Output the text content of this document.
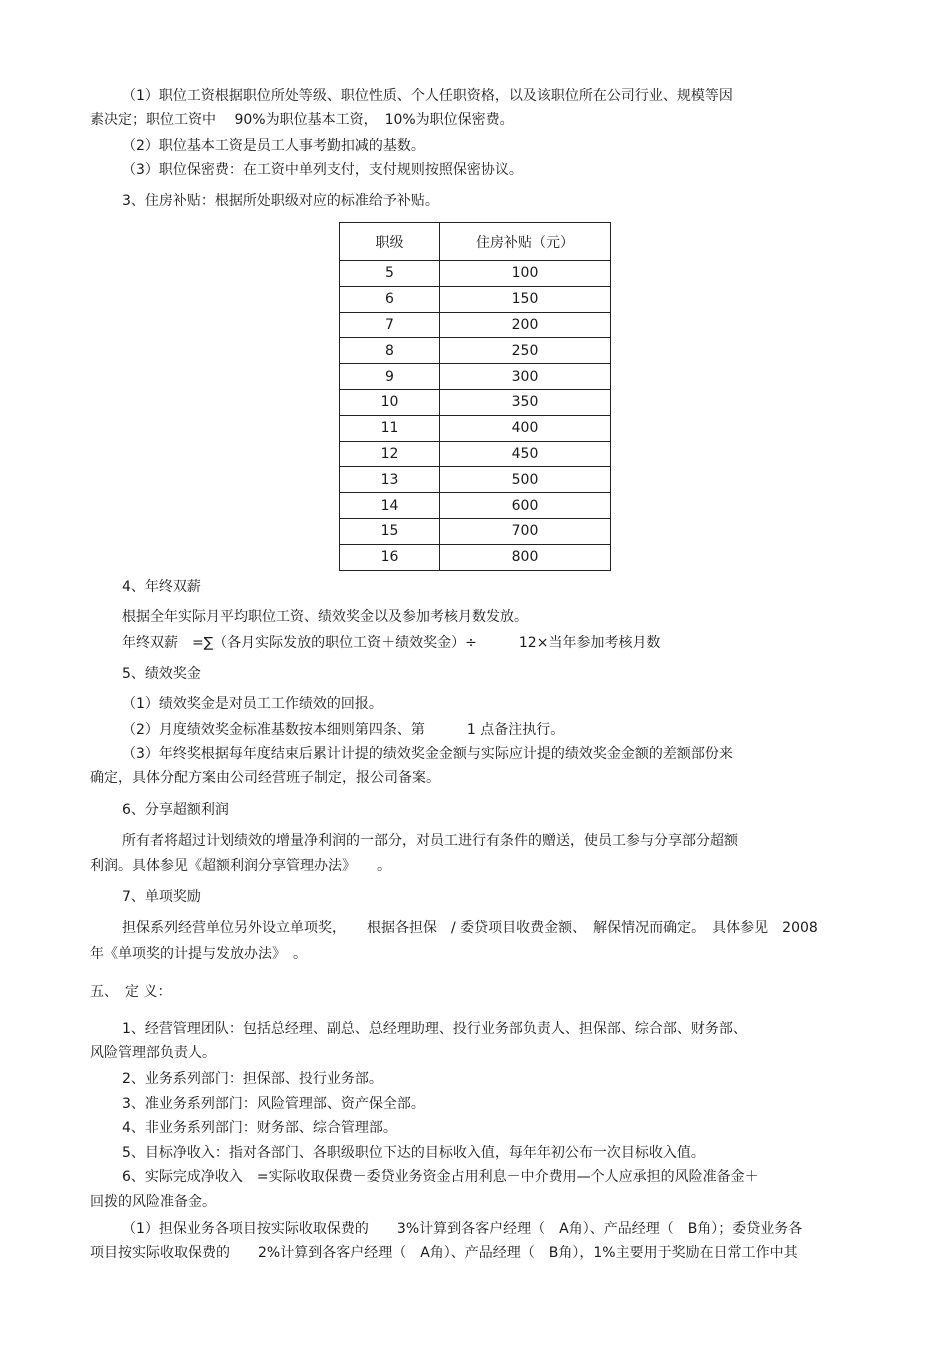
（1）职位工资根据职位所处等级、职位性质、个人任职资格，以及该职位所在公司行业、规模等因
素决定；职位工资中　 90%为职位基本工资，　10%为职位保密费。
（2）职位基本工资是员工人事考勤扣减的基数。
（3）职位保密费：在工资中单列支付，支付规则按照保密协议。
3、住房补贴：根据所处职级对应的标准给予补贴。
职级	住房补贴（元）
5	100
6	150
7	200
8	250
9	300
10	350
11	400
12	450
13	500
14	600
15	700
16	800
4、年终双薪
根据全年实际月平均职位工资、绩效奖金以及参加考核月数发放。
年终双薪　=∑（各月实际发放的职位工资＋绩效奖金）÷　　　12×当年参加考核月数
5、绩效奖金
（1）绩效奖金是对员工工作绩效的回报。
（2）月度绩效奖金标准基数按本细则第四条、第　　　1 点备注执行。
（3）年终奖根据每年度结束后累计计提的绩效奖金金额与实际应计提的绩效奖金金额的差额部份来
确定，具体分配方案由公司经营班子制定，报公司备案。
6、分享超额利润
所有者将超过计划绩效的增量净利润的一部分，对员工进行有条件的赠送，使员工参与分享部分超额
利润。具体参见《超额利润分享管理办法》　　。
7、单项奖励
担保系列经营单位另外设立单项奖，　　根据各担保　/ 委贷项目收费金额、　解保情况而确定。　具体参见　2008
年《单项奖的计提与发放办法》　。
五、　定 义：
1、经营管理团队：包括总经理、副总、总经理助理、投行业务部负责人、担保部、综合部、财务部、
风险管理部负责人。
2、业务系列部门：担保部、投行业务部。
3、准业务系列部门：风险管理部、资产保全部。
4、非业务系列部门：财务部、综合管理部。
5、目标净收入：指对各部门、各职级职位下达的目标收入值，每年年初公布一次目标收入值。
6、实际完成净收入　=实际收取保费－委贷业务资金占用利息－中介费用—个人应承担的风险准备金＋
回拨的风险准备金。
（1）担保业务各项目按实际收取保费的　　3%计算到各客户经理（　A角）、产品经理（　B角）；委贷业务各
项目按实际收取保费的　　2%计算到各客户经理（　A角）、产品经理（　B角），1%主要用于奖励在日常工作中其
